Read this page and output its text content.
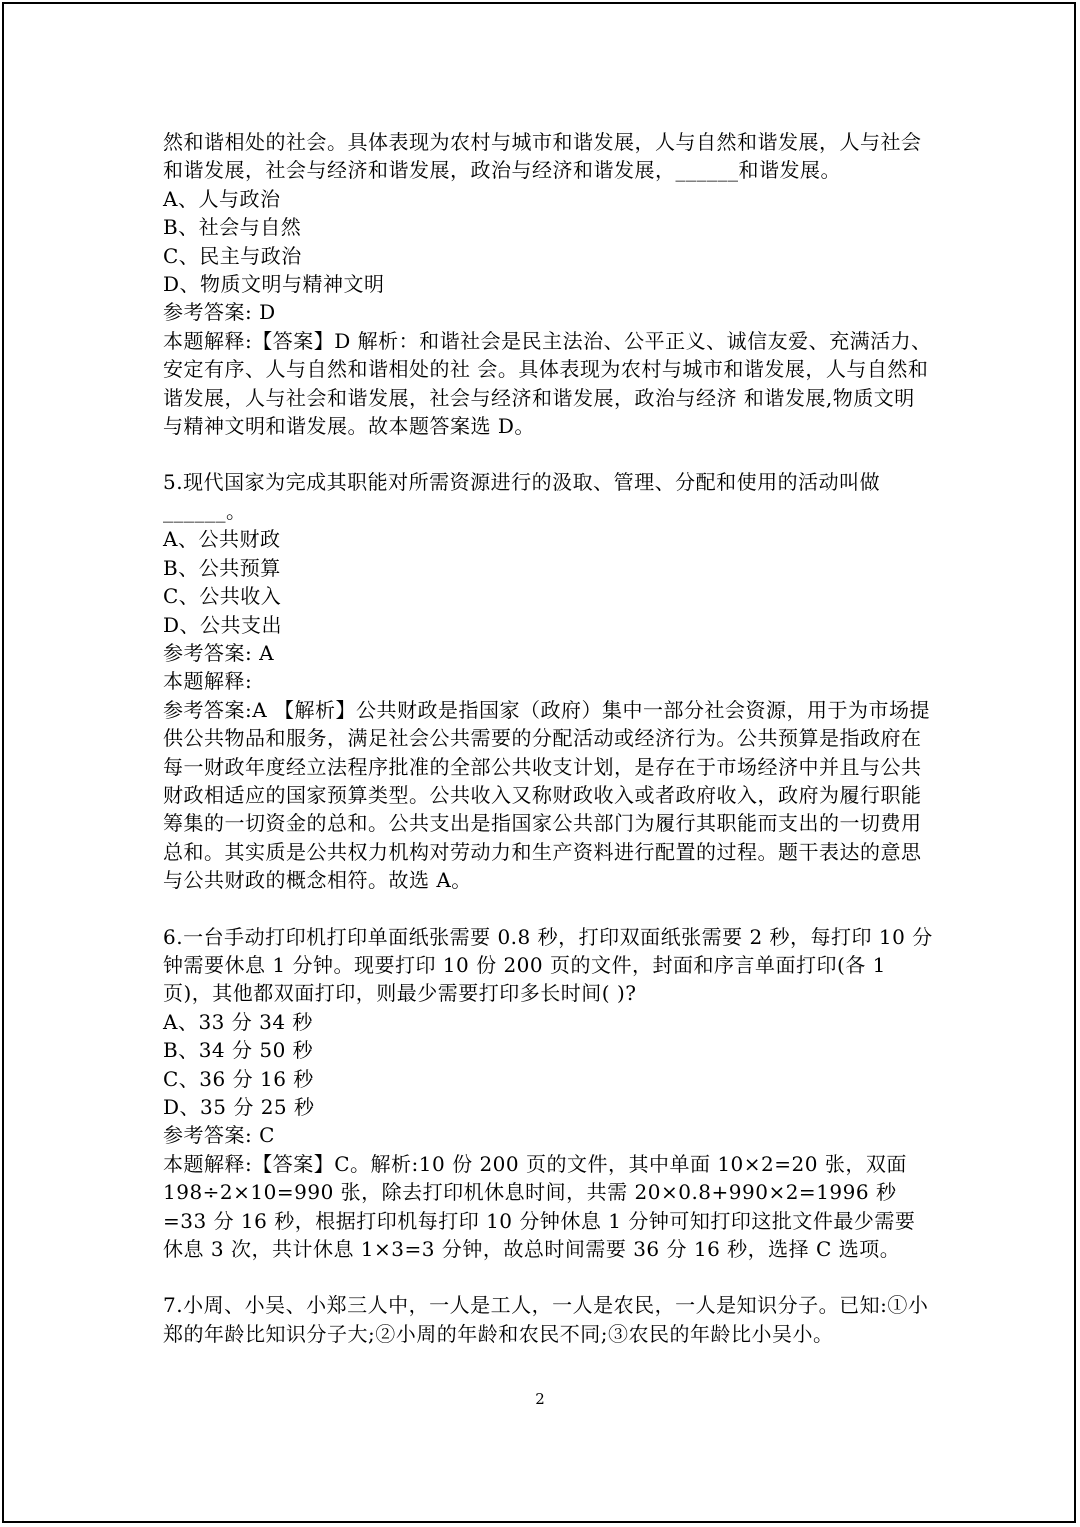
然和谐相处的社会。具体表现为农村与城市和谐发展，人与自然和谐发展，人与社会和谐发展，社会与经济和谐发展，政治与经济和谐发展，______和谐发展。

A、人与政治

B、社会与自然

C、民主与政治

D、物质文明与精神文明

参考答案: D

本题解释:【答案】D 解析：和谐社会是民主法治、公平正义、诚信友爱、充满活力、安定有序、人与自然和谐相处的社 会。具体表现为农村与城市和谐发展，人与自然和谐发展，人与社会和谐发展，社会与经济和谐发展，政治与经济 和谐发展,物质文明与精神文明和谐发展。故本题答案选 D。

5.现代国家为完成其职能对所需资源进行的汲取、管理、分配和使用的活动叫做______。

A、公共财政

B、公共预算

C、公共收入

D、公共支出

参考答案: A

本题解释:

参考答案:A 【解析】公共财政是指国家（政府）集中一部分社会资源，用于为市场提供公共物品和服务，满足社会公共需要的分配活动或经济行为。公共预算是指政府在每一财政年度经立法程序批准的全部公共收支计划，是存在于市场经济中并且与公共财政相适应的国家预算类型。公共收入又称财政收入或者政府收入，政府为履行职能筹集的一切资金的总和。公共支出是指国家公共部门为履行其职能而支出的一切费用总和。其实质是公共权力机构对劳动力和生产资料进行配置的过程。题干表达的意思与公共财政的概念相符。故选 A。

6.一台手动打印机打印单面纸张需要 0.8 秒，打印双面纸张需要 2 秒，每打印 10 分钟需要休息 1 分钟。现要打印 10 份 200 页的文件，封面和序言单面打印(各 1 页)，其他都双面打印，则最少需要打印多长时间( )?

A、33 分 34 秒

B、34 分 50 秒

C、36 分 16 秒

D、35 分 25 秒

参考答案: C

本题解释:【答案】C。解析:10 份 200 页的文件，其中单面 10×2=20 张，双面 198÷2×10=990 张，除去打印机休息时间，共需 20×0.8+990×2=1996 秒=33 分 16 秒，根据打印机每打印 10 分钟休息 1 分钟可知打印这批文件最少需要休息 3 次，共计休息 1×3=3 分钟，故总时间需要 36 分 16 秒，选择 C 选项。

7.小周、小吴、小郑三人中，一人是工人，一人是农民，一人是知识分子。已知:①小郑的年龄比知识分子大;②小周的年龄和农民不同;③农民的年龄比小吴小。

2
